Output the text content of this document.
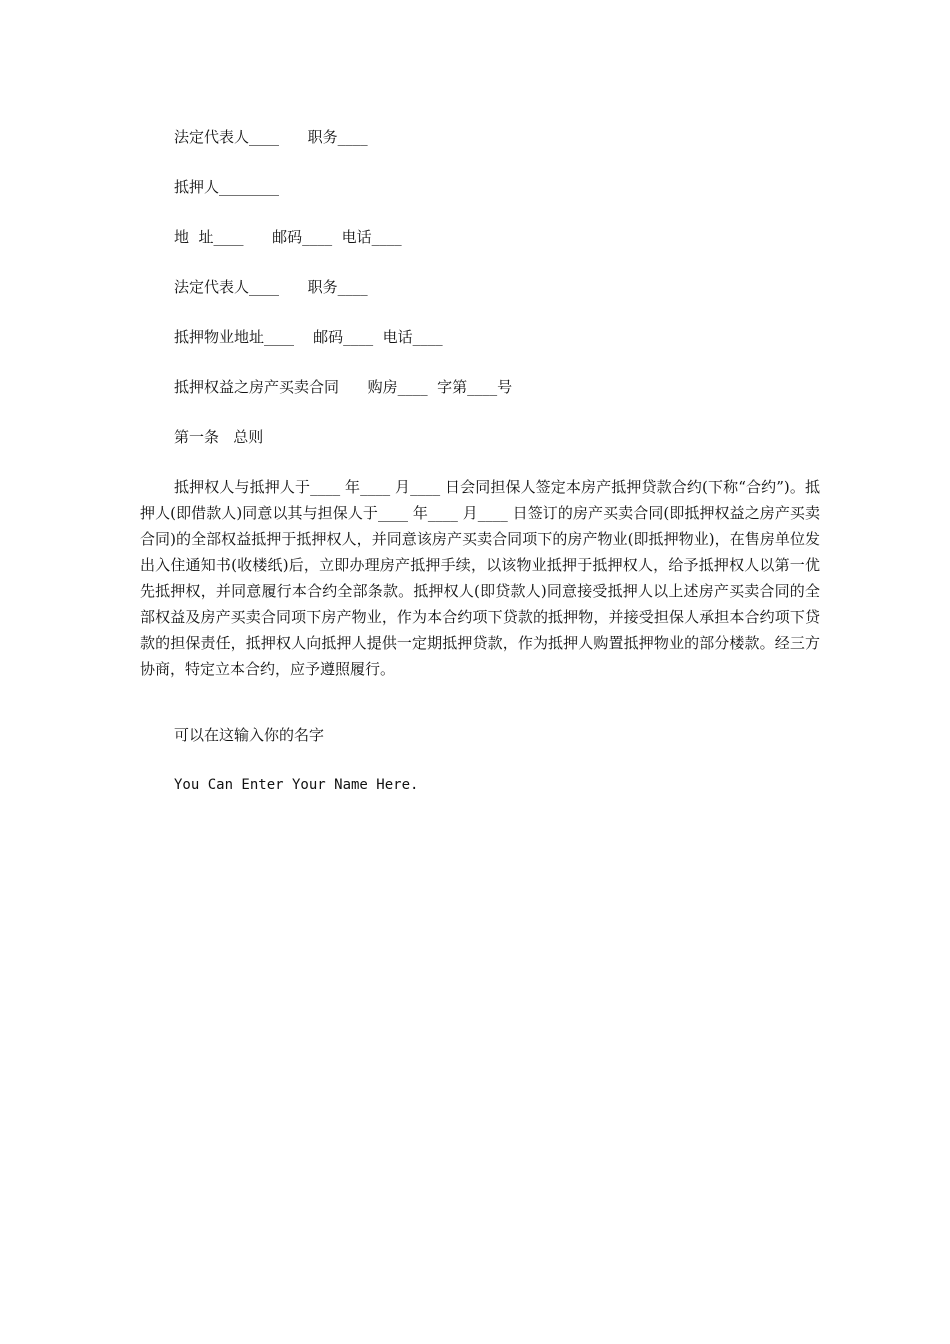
法定代表人____      职务____
抵押人________
地  址____      邮码____  电话____
法定代表人____      职务____
抵押物业地址____    邮码____  电话____
抵押权益之房产买卖合同      购房____  字第____号
第一条   总则
抵押权人与抵押人于____ 年____ 月____ 日会同担保人签定本房产抵押贷款合约(下称“合约”)。抵押人(即借款人)同意以其与担保人于____ 年____ 月____ 日签订的房产买卖合同(即抵押权益之房产买卖合同)的全部权益抵押于抵押权人，并同意该房产买卖合同项下的房产物业(即抵押物业)，在售房单位发出入住通知书(收楼纸)后，立即办理房产抵押手续，以该物业抵押于抵押权人，给予抵押权人以第一优先抵押权，并同意履行本合约全部条款。抵押权人(即贷款人)同意接受抵押人以上述房产买卖合同的全部权益及房产买卖合同项下房产物业，作为本合约项下贷款的抵押物，并接受担保人承担本合约项下贷款的担保责任，抵押权人向抵押人提供一定期抵押贷款，作为抵押人购置抵押物业的部分楼款。经三方协商，特定立本合约，应予遵照履行。
可以在这输入你的名字
You Can Enter Your Name Here.
